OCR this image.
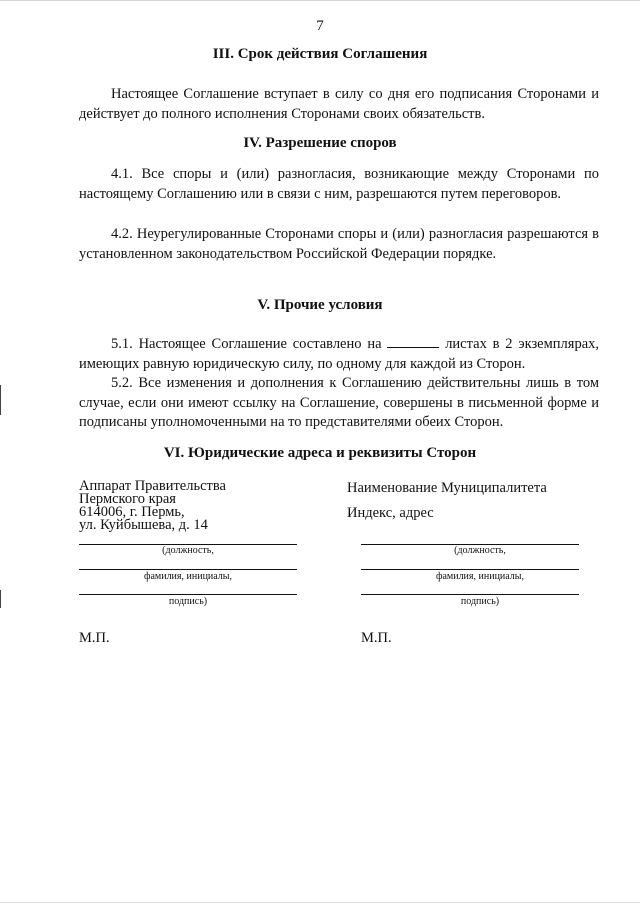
7
III. Срок действия Соглашения
Настоящее Соглашение вступает в силу со дня его подписания Сторонами и действует до полного исполнения Сторонами своих обязательств.
IV. Разрешение споров
4.1. Все споры и (или) разногласия, возникающие между Сторонами по настоящему Соглашению или в связи с ним, разрешаются путем переговоров.
4.2. Неурегулированные Сторонами споры и (или) разногласия разрешаются в установленном законодательством Российской Федерации порядке.
V. Прочие условия
5.1. Настоящее Соглашение составлено на	листах в 2 экземплярах, имеющих равную юридическую силу, по одному для каждой из Сторон.
5.2. Все изменения и дополнения к Соглашению действительны лишь в том случае, если они имеют ссылку на Соглашение, совершены в письменной форме и подписаны уполномоченными на то представителями обеих Сторон.
VI. Юридические адреса и реквизиты Сторон
Аппарат Правительства
Пермского края
614006, г. Пермь,
ул. Куйбышева, д. 14
(должность,
фамилия, инициалы,
подпись)
М.П.
Наименование Муниципалитета
Индекс, адрес
(должность,
фамилия, инициалы,
подпись)
М.П.
